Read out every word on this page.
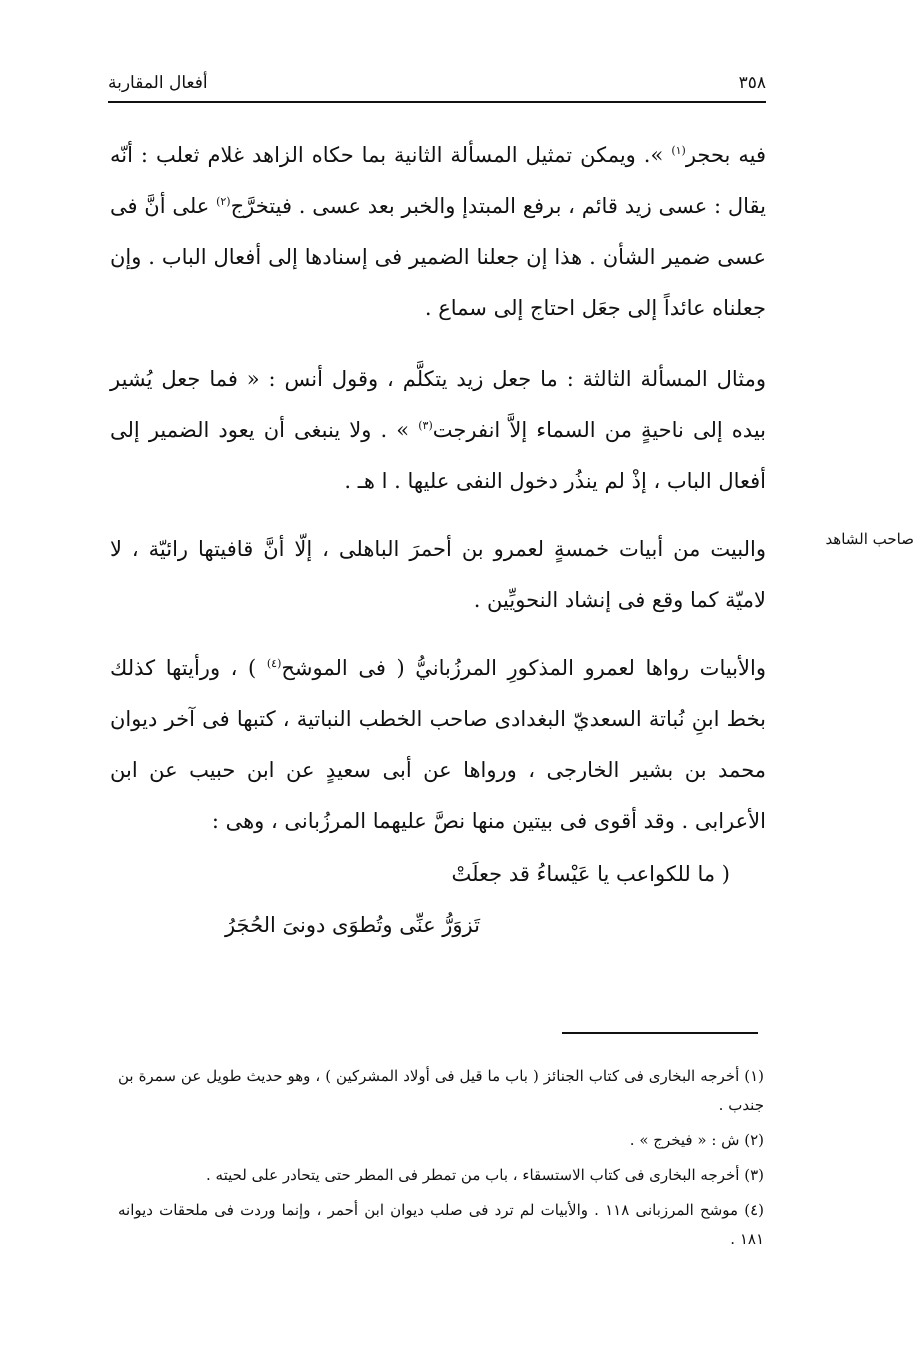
٣٥٨
أفعال المقاربة
صاحب الشاهد

فيه بحجر$^{(١)}$ ». ويمكن تمثيل المسألة الثانية بما حكاه الزاهد غلام ثعلب : أنّه يقال : عسى زيد قائم ، برفع المبتدإ والخبر بعد عسى . فيتخرَّج$^{(٢)}$ على أنَّ فى عسى ضمير الشأن . هذا إن جعلنا الضمير فى إسنادها إلى أفعال الباب . وإن جعلناه عائداً إلى جعَل احتاج إلى سماع .

ومثال المسألة الثالثة : ما جعل زيد يتكلَّم ، وقول أنس : « فما جعل يُشير بيده إلى ناحيةٍ من السماء إلاَّ انفرجت$^{(٣)}$ » . ولا ينبغى أن يعود الضمير إلى أفعال الباب ، إذْ لم ينذُر دخول النفى عليها . ا هـ .

والبيت من أبيات خمسةٍ لعمرو بن أحمرَ الباهلى ، إلّا أنَّ قافيتها رائيّة ، لا لاميّة كما وقع فى إنشاد النحويِّين .

والأبيات رواها لعمرو المذكورِ المرزُبانيُّ ( فى الموشح$^{(٤)}$ ) ، ورأيتها كذلك بخط ابنِ نُباتة السعديّ البغدادى صاحب الخطب النباتية ، كتبها فى آخر ديوان محمد بن بشير الخارجى ، ورواها عن أبى سعيدٍ عن ابن حبيب عن ابن الأعرابى . وقد أقوى فى بيتين منها نصَّ عليهما المرزُبانى ، وهى :

( ما للكواعب يا عَيْساءُ قد جعلَتْ
تَزوَرُّ عنِّى وتُطوَى دونىَ الحُجَرُ

(١) أخرجه البخارى فى كتاب الجنائز ( باب ما قيل فى أولاد المشركين ) ، وهو حديث طويل عن سمرة بن جندب .

(٢) ش : « فيخرج » .

(٣) أخرجه البخارى فى كتاب الاستسقاء ، باب من تمطر فى المطر حتى يتحادر على لحيته .

(٤) موشح المرزبانى ١١٨ . والأبيات لم ترد فى صلب ديوان ابن أحمر ، وإنما وردت فى ملحقات ديوانه ١٨١ .
